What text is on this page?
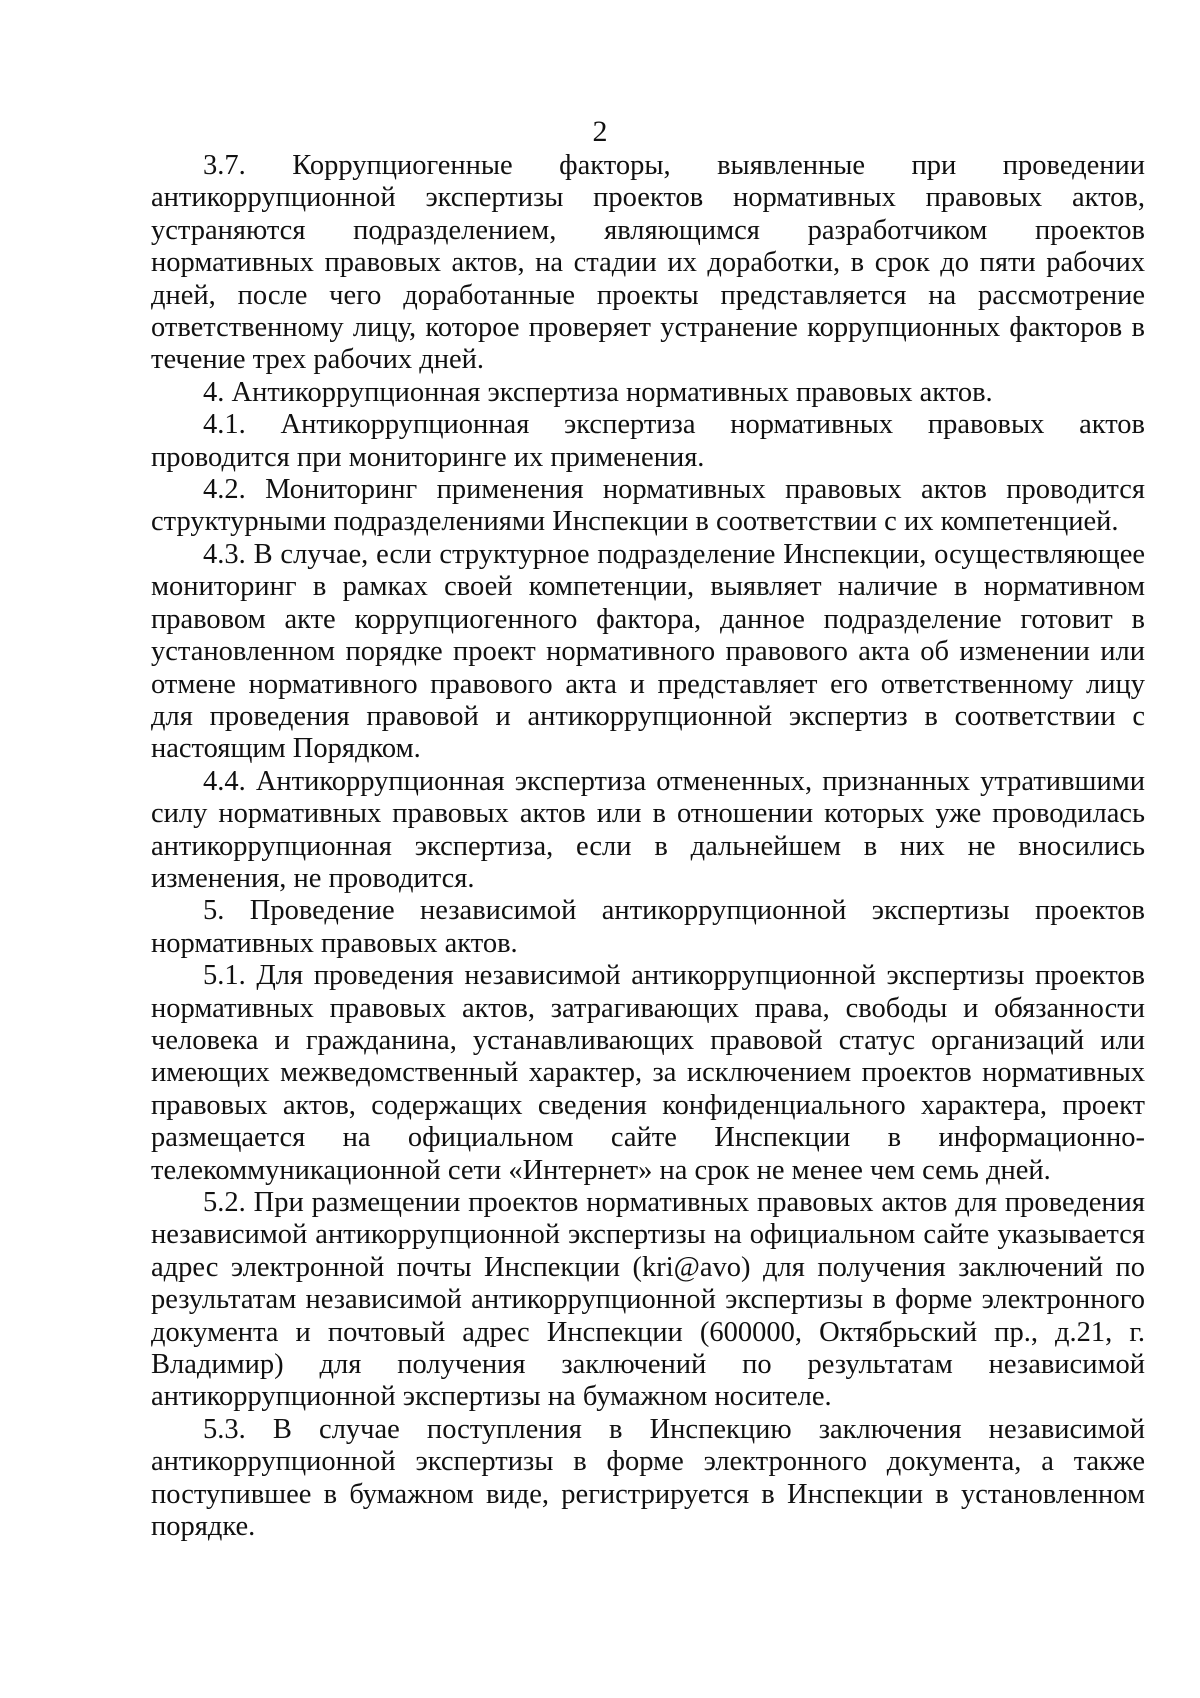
2

3.7. Коррупциогенные факторы, выявленные при проведении антикоррупционной экспертизы проектов нормативных правовых актов, устраняются подразделением, являющимся разработчиком проектов нормативных правовых актов, на стадии их доработки, в срок до пяти рабочих дней, после чего доработанные проекты представляется на рассмотрение ответственному лицу, которое проверяет устранение коррупционных факторов в течение трех рабочих дней.

4. Антикоррупционная экспертиза нормативных правовых актов.

4.1. Антикоррупционная экспертиза нормативных правовых актов проводится при мониторинге их применения.

4.2. Мониторинг применения нормативных правовых актов проводится структурными подразделениями Инспекции в соответствии с их компетенцией.

4.3. В случае, если структурное подразделение Инспекции, осуществляющее мониторинг в рамках своей компетенции, выявляет наличие в нормативном правовом акте коррупциогенного фактора, данное подразделение готовит в установленном порядке проект нормативного правового акта об изменении или отмене нормативного правового акта и представляет его ответственному лицу для проведения правовой и антикоррупционной экспертиз в соответствии с настоящим Порядком.

4.4. Антикоррупционная экспертиза отмененных, признанных утратившими силу нормативных правовых актов или в отношении которых уже проводилась антикоррупционная экспертиза, если в дальнейшем в них не вносились изменения, не проводится.

5. Проведение независимой антикоррупционной экспертизы проектов нормативных правовых актов.

5.1. Для проведения независимой антикоррупционной экспертизы проектов нормативных правовых актов, затрагивающих права, свободы и обязанности человека и гражданина, устанавливающих правовой статус организаций или имеющих межведомственный характер, за исключением проектов нормативных правовых актов, содержащих сведения конфиденциального характера, проект размещается на официальном сайте Инспекции в информационно-телекоммуникационной сети «Интернет» на срок не менее чем семь дней.

5.2. При размещении проектов нормативных правовых актов для проведения независимой антикоррупционной экспертизы на официальном сайте указывается адрес электронной почты Инспекции (kri@avo) для получения заключений по результатам независимой антикоррупционной экспертизы в форме электронного документа и почтовый адрес Инспекции (600000, Октябрьский пр., д.21, г. Владимир) для получения заключений по результатам независимой антикоррупционной экспертизы на бумажном носителе.

5.3. В случае поступления в Инспекцию заключения независимой антикоррупционной экспертизы в форме электронного документа, а также поступившее в бумажном виде, регистрируется в Инспекции в установленном порядке.
